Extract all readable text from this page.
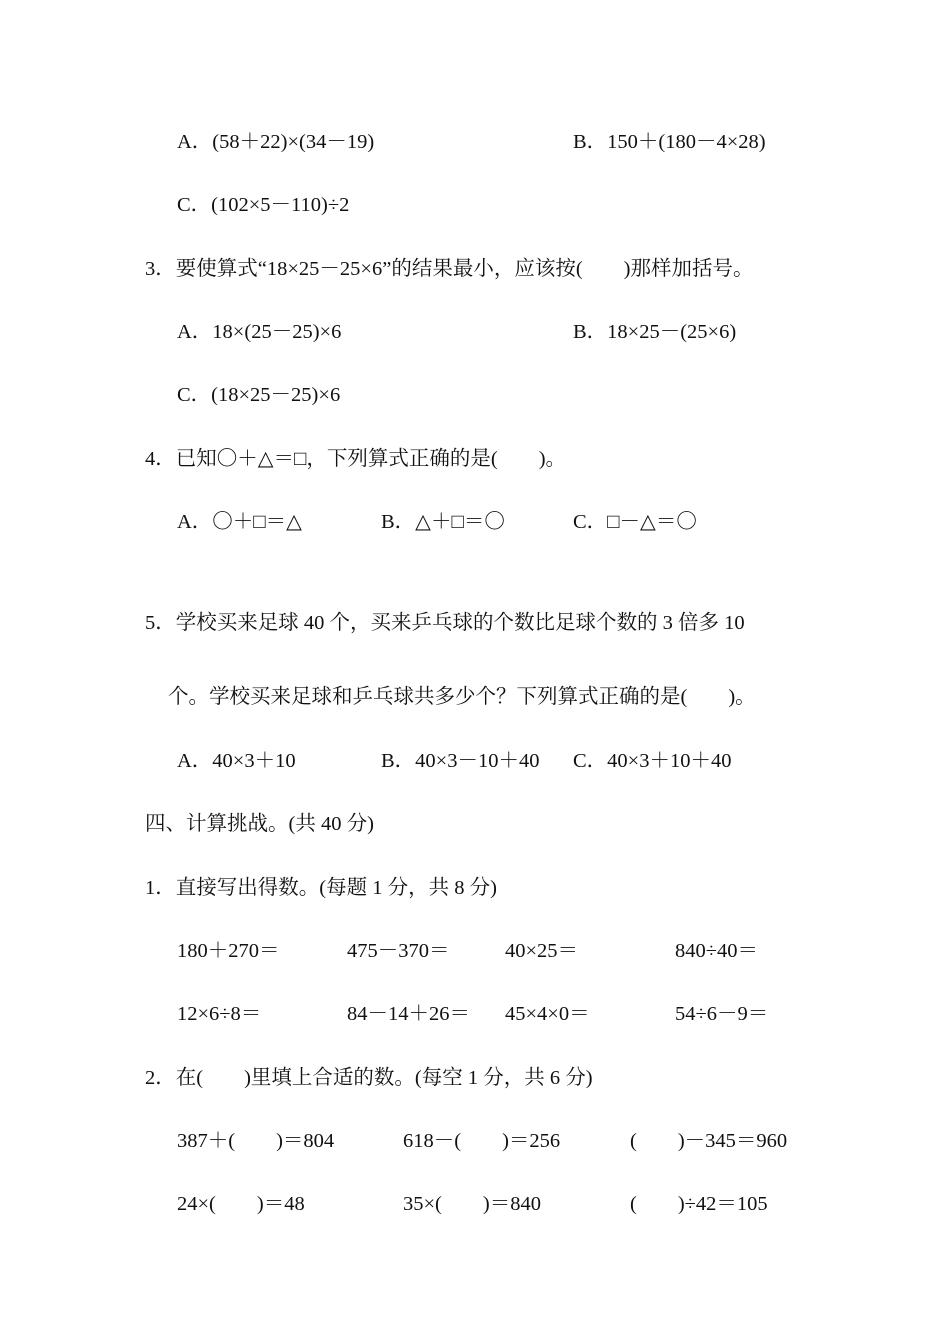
A．(58＋22)×(34－19)	B．150＋(180－4×28)
C．(102×5－110)÷2
3．要使算式“18×25－25×6”的结果最小，应该按(　　)那样加括号。
A．18×(25－25)×6	B．18×25－(25×6)
C．(18×25－25)×6
4．已知〇＋△＝□，下列算式正确的是(　　)。
A．〇＋□＝△	B．△＋□＝〇	C．□－△＝〇
5．学校买来足球 40 个，买来乒乓球的个数比足球个数的 3 倍多 10
个。学校买来足球和乒乓球共多少个？下列算式正确的是(　　)。
A．40×3＋10	B．40×3－10＋40 C．40×3＋10＋40
四、计算挑战。(共 40 分)
1．直接写出得数。(每题 1 分，共 8 分)
180＋270＝	475－370＝	40×25＝	840÷40＝
12×6÷8＝	84－14＋26＝ 45×4×0＝	54÷6－9＝
2．在(　　)里填上合适的数。(每空 1 分，共 6 分)
387＋(　　)＝804	618－(　　)＝256	(　　)－345＝960
24×(　　)＝48	35×(　　)＝840	(　　)÷42＝105
